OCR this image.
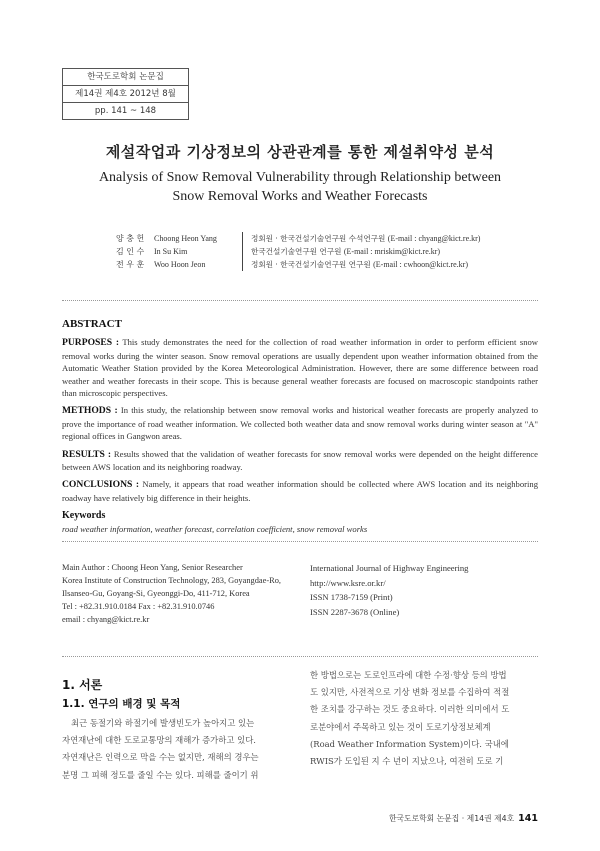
한국도로학회 논문집
제14권 제4호 2012년 8월
pp. 141 ~ 148
제설작업과 기상정보의 상관관계를 통한 제설취약성 분석
Analysis of Snow Removal Vulnerability through Relationship between
Snow Removal Works and Weather Forecasts
양 충 헌	Choong Heon Yang	정회원 · 한국건설기술연구원 수석연구원 (E-mail : chyang@kict.re.kr)
김 인 수	In Su Kim	한국건설기술연구원 연구원 (E-mail : mriskim@kict.re.kr)
전 우 훈	Woo Hoon Jeon	정회원 · 한국건설기술연구원 연구원 (E-mail : cwhoon@kict.re.kr)
ABSTRACT

PURPOSES : This study demonstrates the need for the collection of road weather information in order to perform efficient snow removal works during the winter season. Snow removal operations are usually dependent upon weather information obtained from the Automatic Weather Station provided by the Korea Meteorological Administration. However, there are some difference between road weather and weather forecasts in their scope. This is because general weather forecasts are focused on macroscopic standpoints rather than microscopic perspectives.

METHODS : In this study, the relationship between snow removal works and historical weather forecasts are properly analyzed to prove the importance of road weather information. We collected both weather data and snow removal works during winter season at "A" regional offices in Gangwon areas.

RESULTS : Results showed that the validation of weather forecasts for snow removal works were depended on the height difference between AWS location and its neighboring roadway.

CONCLUSIONS : Namely, it appears that road weather information should be collected where AWS location and its neighboring roadway have relatively big difference in their heights.

Keywords
road weather information, weather forecast, correlation coefficient, snow removal works
Main Author : Choong Heon Yang, Senior Researcher
Korea Institute of Construction Technology, 283, Goyangdae-Ro,
Ilsanseo-Gu, Goyang-Si, Gyeonggi-Do, 411-712, Korea
Tel : +82.31.910.0184 Fax : +82.31.910.0746
email : chyang@kict.re.kr
International Journal of Highway Engineering
http://www.ksre.or.kr/
ISSN 1738-7159 (Print)
ISSN 2287-3678 (Online)
1. 서론
1.1. 연구의 배경 및 목적

최근 동절기와 하절기에 발생빈도가 높아지고 있는
자연재난에 대한 도로교통망의 재해가 증가하고 있다.
자연재난은 인력으로 막을 수는 없지만, 재해의 경우는
분명 그 피해 정도를 줄일 수는 있다. 피해를 줄이기 위

한 방법으로는 도로인프라에 대한 수정·향상 등의 방법
도 있지만, 사전적으로 기상 변화 정보를 수집하여 적절
한 조치를 강구하는 것도 중요하다. 이러한 의미에서 도
로분야에서 주목하고 있는 것이 도로기상정보체계
(Road Weather Information System)이다. 국내에
RWIS가 도입된 지 수 년이 지났으나, 여전히 도로 기

한국도로학회 논문집 · 제14권 제4호 141
